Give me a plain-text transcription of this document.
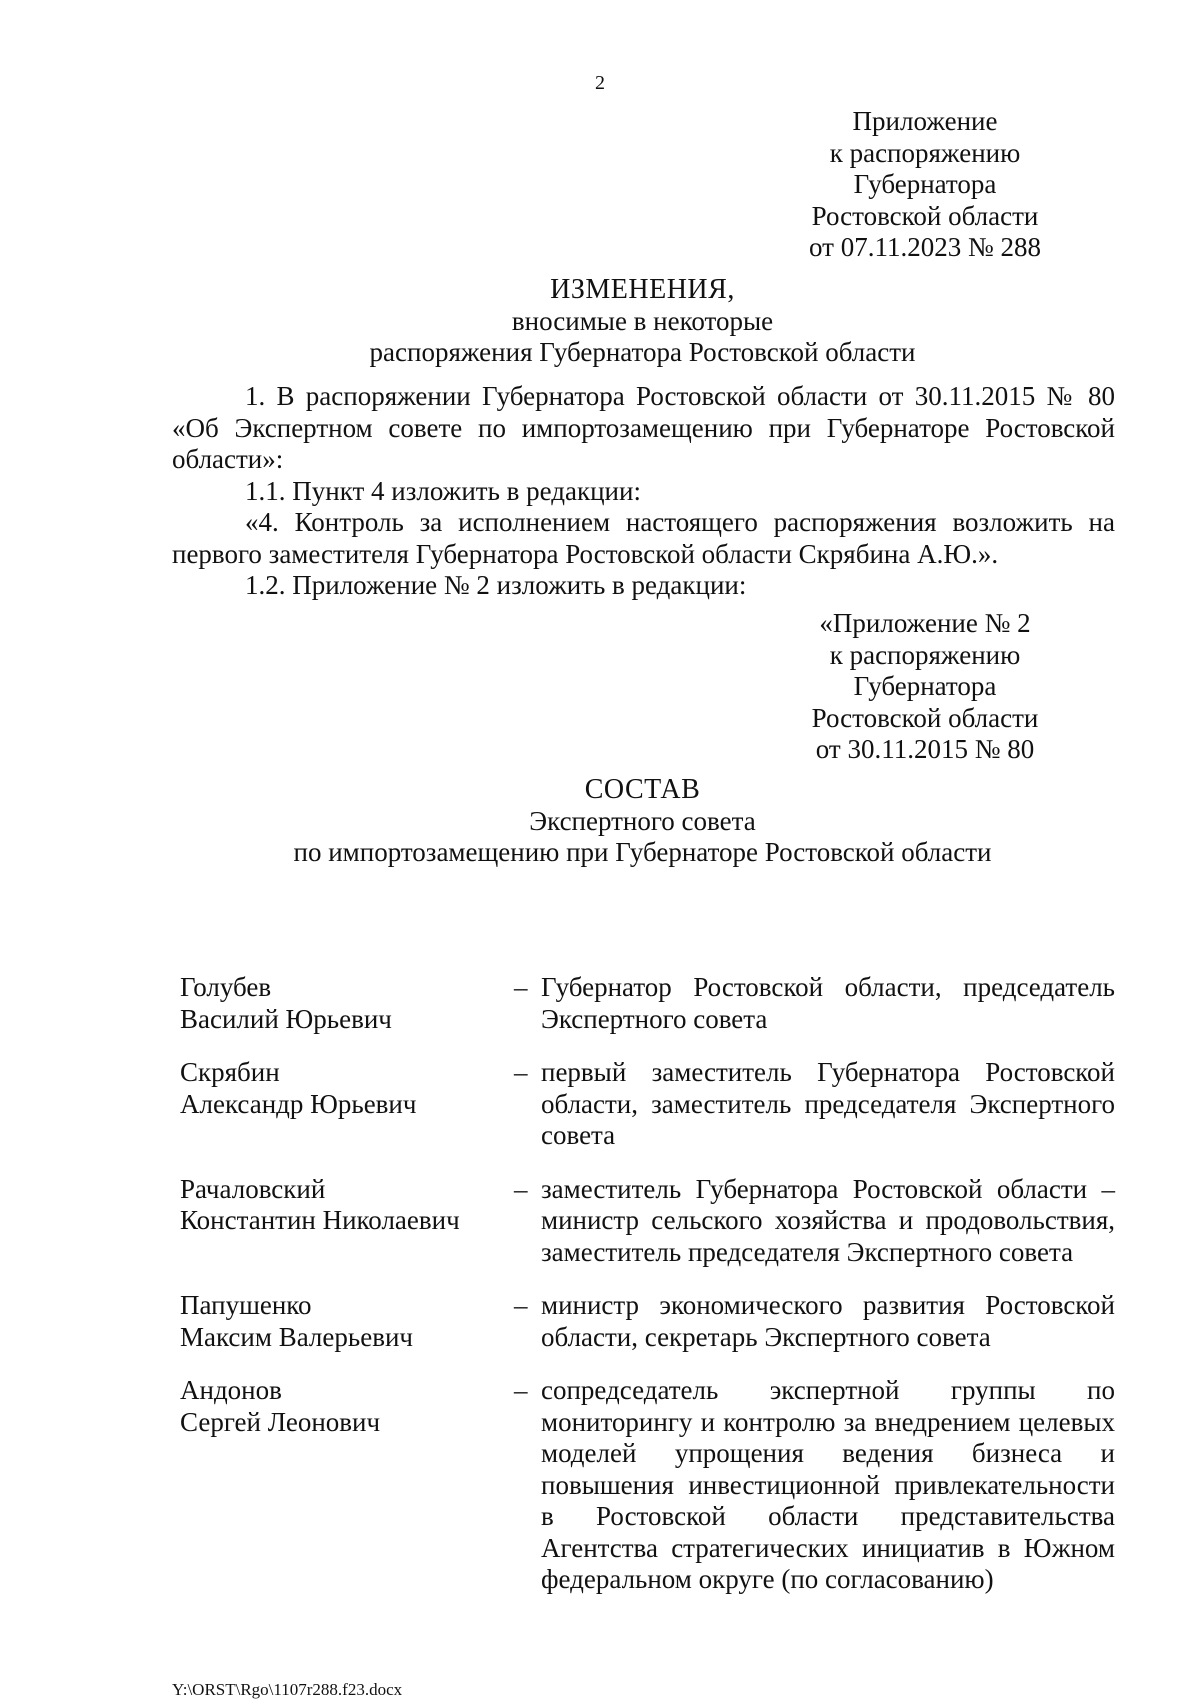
2
Приложение
к распоряжению
Губернатора
Ростовской области
от 07.11.2023 № 288
ИЗМЕНЕНИЯ,
вносимые в некоторые
распоряжения Губернатора Ростовской области

1. В распоряжении Губернатора Ростовской области от 30.11.2015 № 80 «Об Экспертном совете по импортозамещению при Губернаторе Ростовской области»:

1.1. Пункт 4 изложить в редакции:

«4. Контроль за исполнением настоящего распоряжения возложить на первого заместителя Губернатора Ростовской области Скрябина А.Ю.».

1.2. Приложение № 2 изложить в редакции:

«Приложение № 2
к распоряжению
Губернатора
Ростовской области
от 30.11.2015 № 80
СОСТАВ
Экспертного совета
по импортозамещению при Губернаторе Ростовской области
Голубев
Василий Юрьевич
– Губернатор Ростовской области, председатель Экспертного совета
Скрябин
Александр Юрьевич
– первый заместитель Губернатора Ростовской области, заместитель председателя Экспертного совета
Рачаловский
Константин Николаевич
– заместитель Губернатора Ростовской области – министр сельского хозяйства и продовольствия, заместитель председателя Экспертного совета
Папушенко
Максим Валерьевич
– министр экономического развития Ростовской области, секретарь Экспертного совета
Андонов
Сергей Леонович
– сопредседатель экспертной группы по мониторингу и контролю за внедрением целевых моделей упрощения ведения бизнеса и повышения инвестиционной привлекательности в Ростовской области представительства Агентства стратегических инициатив в Южном федеральном округе (по согласованию)
Y:\ORST\Rgo\1107r288.f23.docx
